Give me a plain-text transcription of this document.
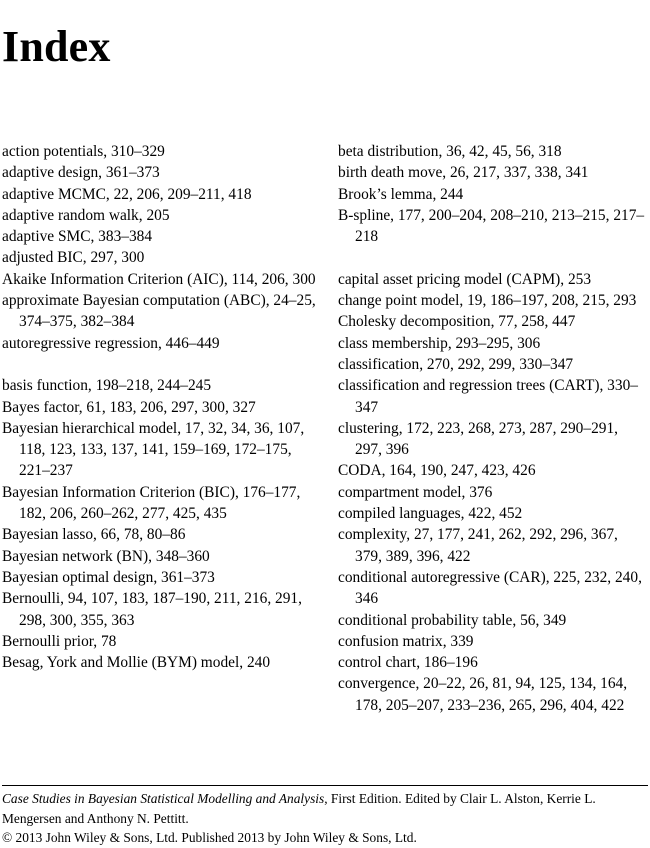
Index
action potentials, 310–329
adaptive design, 361–373
adaptive MCMC, 22, 206, 209–211, 418
adaptive random walk, 205
adaptive SMC, 383–384
adjusted BIC, 297, 300
Akaike Information Criterion (AIC), 114, 206, 300
approximate Bayesian computation (ABC), 24–25, 374–375, 382–384
autoregressive regression, 446–449
basis function, 198–218, 244–245
Bayes factor, 61, 183, 206, 297, 300, 327
Bayesian hierarchical model, 17, 32, 34, 36, 107, 118, 123, 133, 137, 141, 159–169, 172–175, 221–237
Bayesian Information Criterion (BIC), 176–177, 182, 206, 260–262, 277, 425, 435
Bayesian lasso, 66, 78, 80–86
Bayesian network (BN), 348–360
Bayesian optimal design, 361–373
Bernoulli, 94, 107, 183, 187–190, 211, 216, 291, 298, 300, 355, 363
Bernoulli prior, 78
Besag, York and Mollie (BYM) model, 240
beta distribution, 36, 42, 45, 56, 318
birth death move, 26, 217, 337, 338, 341
Brook’s lemma, 244
B-spline, 177, 200–204, 208–210, 213–215, 217–218
capital asset pricing model (CAPM), 253
change point model, 19, 186–197, 208, 215, 293
Cholesky decomposition, 77, 258, 447
class membership, 293–295, 306
classification, 270, 292, 299, 330–347
classification and regression trees (CART), 330–347
clustering, 172, 223, 268, 273, 287, 290–291, 297, 396
CODA, 164, 190, 247, 423, 426
compartment model, 376
compiled languages, 422, 452
complexity, 27, 177, 241, 262, 292, 296, 367, 379, 389, 396, 422
conditional autoregressive (CAR), 225, 232, 240, 346
conditional probability table, 56, 349
confusion matrix, 339
control chart, 186–196
convergence, 20–22, 26, 81, 94, 125, 134, 164, 178, 205–207, 233–236, 265, 296, 404, 422
Case Studies in Bayesian Statistical Modelling and Analysis, First Edition. Edited by Clair L. Alston, Kerrie L. Mengersen and Anthony N. Pettitt.
© 2013 John Wiley & Sons, Ltd. Published 2013 by John Wiley & Sons, Ltd.
